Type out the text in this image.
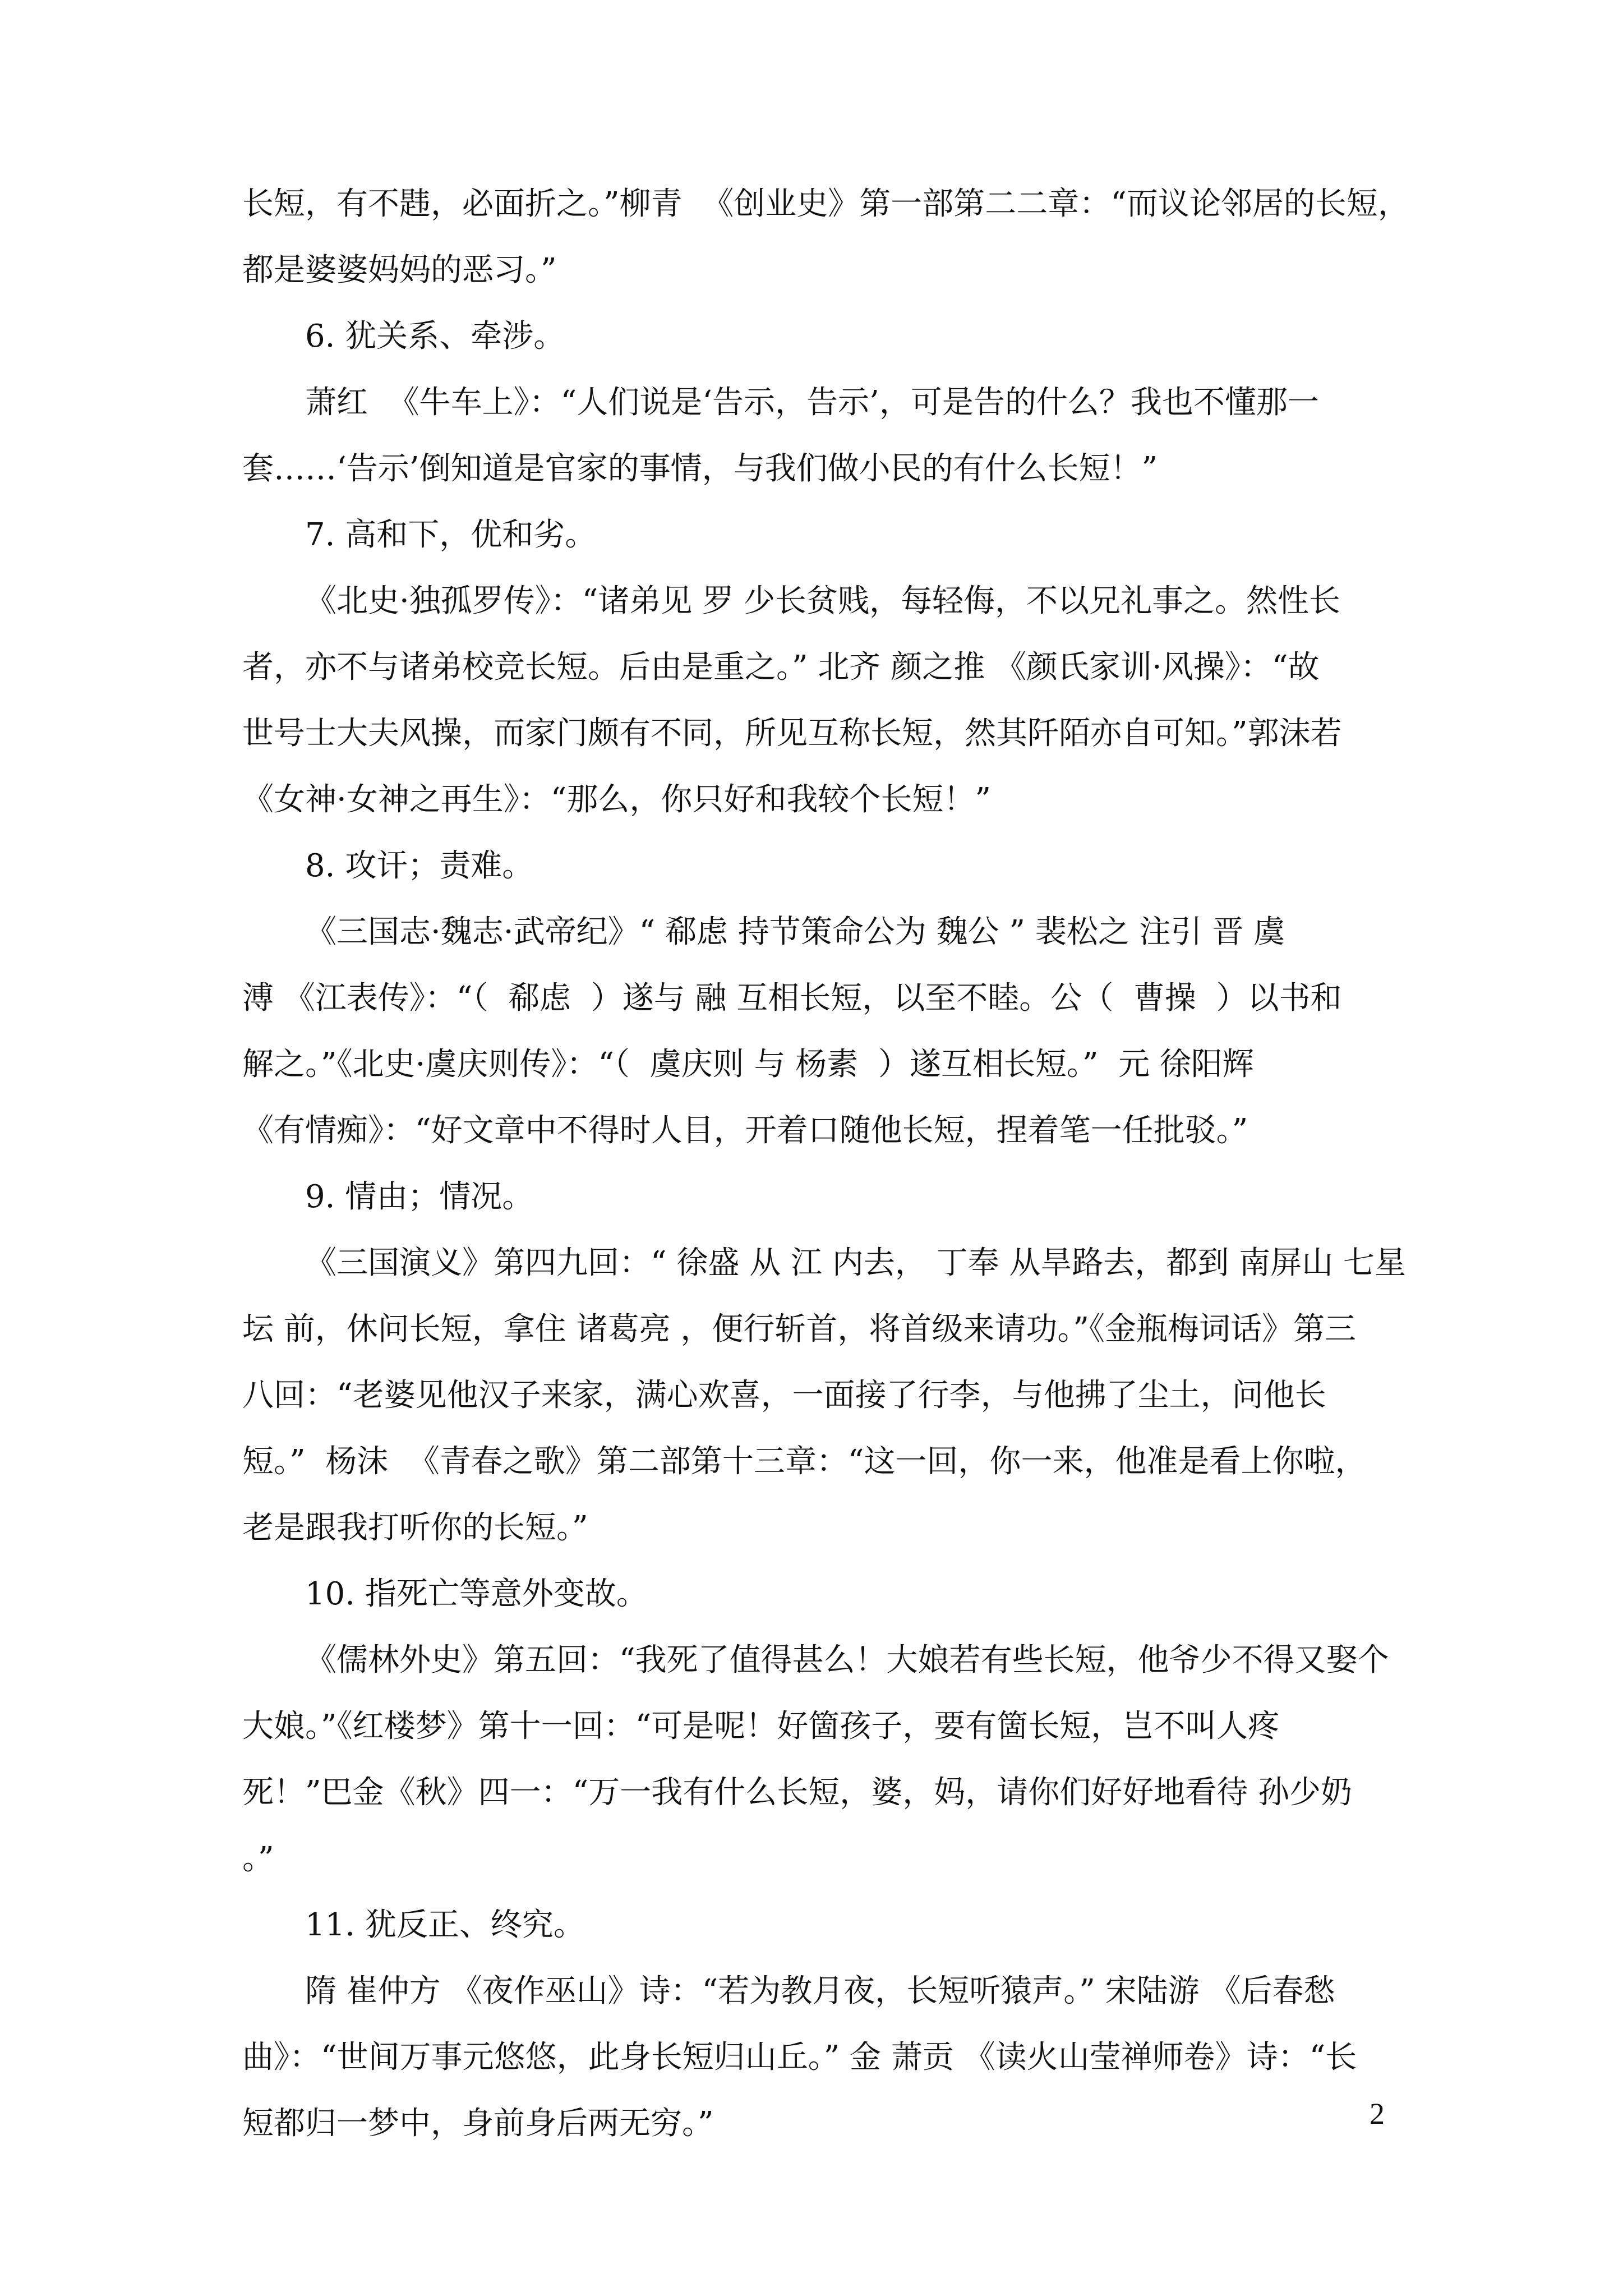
长短，有不韪，必面折之。”柳青  《创业史》第一部第二二章：“而议论邻居的长短，
都是婆婆妈妈的恶习。”
6. 犹关系、牵涉。
萧红  《牛车上》：“人们说是‘告示，告示’，可是告的什么？我也不懂那一
套……‘告示’倒知道是官家的事情，与我们做小民的有什么长短！”
7. 高和下，优和劣。
《北史·独孤罗传》：“诸弟见 罗 少长贫贱，每轻侮，不以兄礼事之。然性长
者，亦不与诸弟校竞长短。后由是重之。” 北齐 颜之推 《颜氏家训·风操》：“故
世号士大夫风操，而家门颇有不同，所见互称长短，然其阡陌亦自可知。”郭沫若
《女神·女神之再生》：“那么，你只好和我较个长短！”
8. 攻讦；责难。
《三国志·魏志·武帝纪》“ 郗虑 持节策命公为 魏公 ” 裴松之 注引 晋 虞
溥 《江表传》：“（  郗虑  ）遂与 融 互相长短，以至不睦。公（  曹操  ）以书和
解之。”《北史·虞庆则传》：“（  虞庆则 与 杨素  ）遂互相长短。”  元 徐阳辉
《有情痴》：“好文章中不得时人目，开着口随他长短，捏着笔一任批驳。”
9. 情由；情况。
《三国演义》第四九回：“ 徐盛 从 江 内去， 丁奉 从旱路去，都到 南屏山 七星
坛 前，休问长短，拿住 诸葛亮 ，便行斩首，将首级来请功。”《金瓶梅词话》第三
八回：“老婆见他汉子来家，满心欢喜，一面接了行李，与他拂了尘土，问他长
短。”  杨沫  《青春之歌》第二部第十三章：“这一回，你一来，他准是看上你啦，
老是跟我打听你的长短。”
10. 指死亡等意外变故。
《儒林外史》第五回：“我死了值得甚么！大娘若有些长短，他爷少不得又娶个
大娘。”《红楼梦》第十一回：“可是呢！好箇孩子，要有箇长短，岂不叫人疼
死！”巴金《秋》四一：“万一我有什么长短，婆，妈，请你们好好地看待 孙少奶
。”
11. 犹反正、终究。
隋 崔仲方 《夜作巫山》诗：“若为教月夜，长短听猿声。” 宋陆游 《后春愁
曲》：“世间万事元悠悠，此身长短归山丘。” 金 萧贡 《读火山莹禅师卷》诗：“长
短都归一梦中，身前身后两无穷。”	2
